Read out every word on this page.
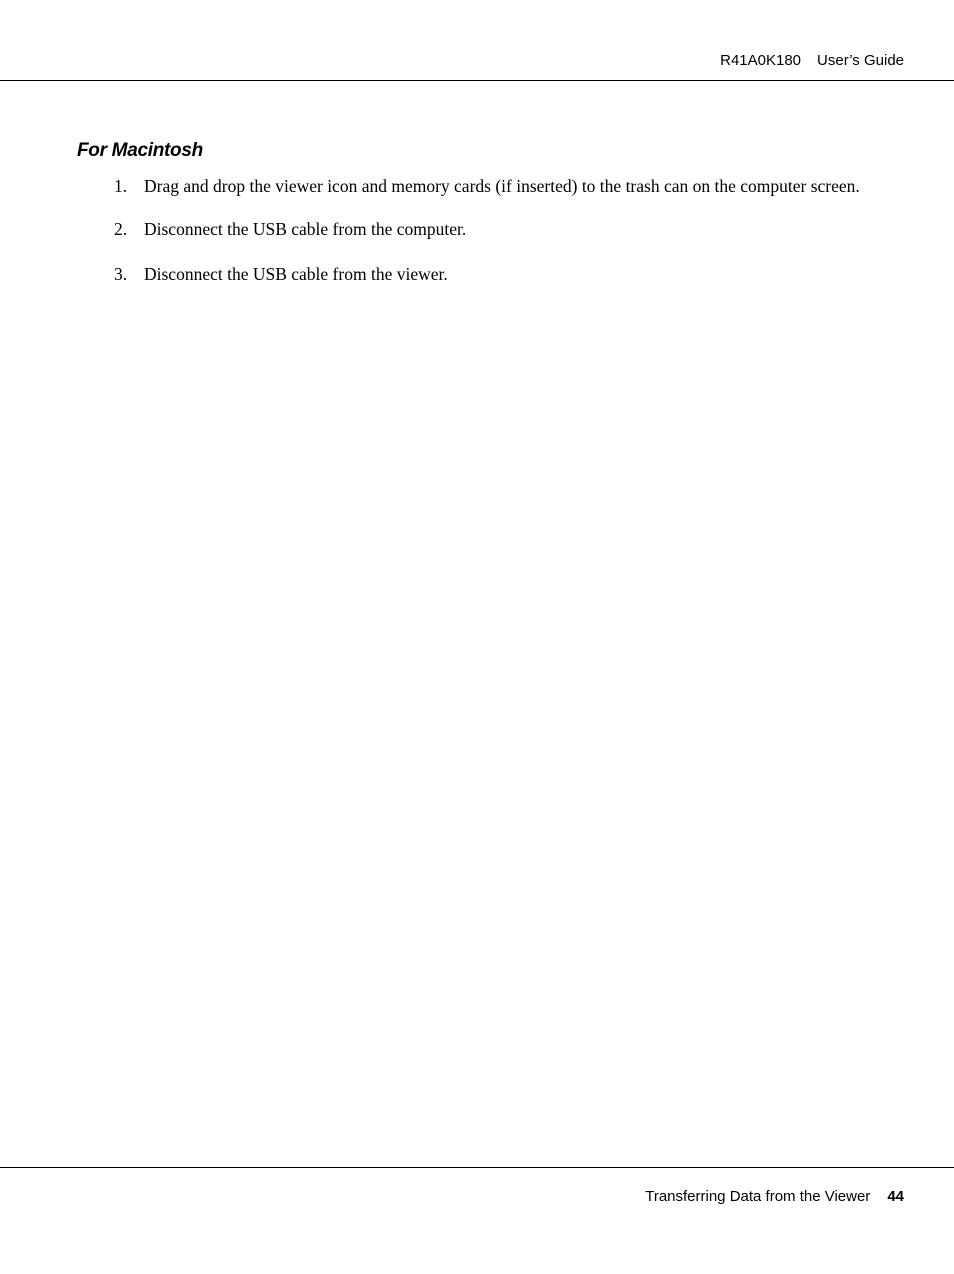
R41A0K180 User’s Guide
For Macintosh
1. Drag and drop the viewer icon and memory cards (if inserted) to the trash can on the computer screen.
2. Disconnect the USB cable from the computer.
3. Disconnect the USB cable from the viewer.
Transferring Data from the Viewer 44
